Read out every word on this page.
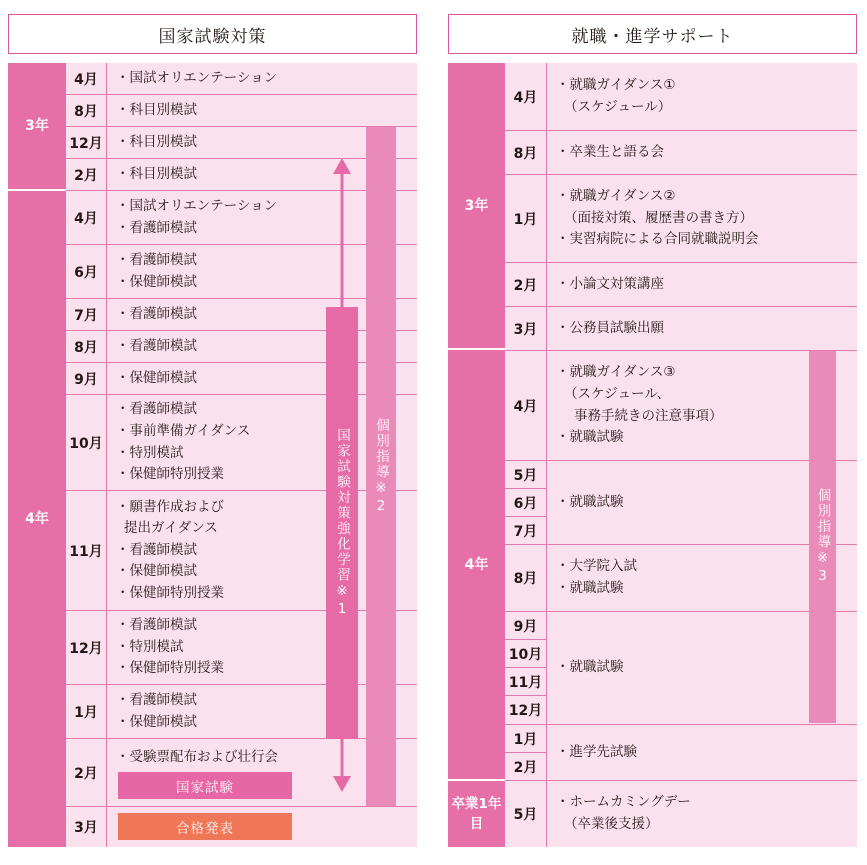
国家試験対策
3年
4年
4月
8月
12月
2月
4月
6月
7月
8月
9月
10月
11月
12月
1月
2月
3月
・国試オリエンテーション
・科目別模試
・科目別模試
・科目別模試
・国試オリエンテーション
・看護師模試
・看護師模試
・保健師模試
・看護師模試
・看護師模試
・保健師模試
・看護師模試
・事前準備ガイダンス
・特別模試
・保健師特別授業
・願書作成および
提出ガイダンス
・看護師模試
・保健師模試
・保健師特別授業
・看護師模試
・特別模試
・保健師特別授業
・看護師模試
・保健師模試
・受験票配布および壮行会
国家試験
合格発表
国家試験対策強化学習※1	個別指導※2
就職・進学サポート
3年
4年
卒業1年目
4月
8月
1月
2月
3月
4月
5月
6月
7月
8月
9月
10月
11月
12月
1月
2月
5月
・就職ガイダンス①
（スケジュール）
・卒業生と語る会
・就職ガイダンス②
（面接対策、履歴書の書き方）
・実習病院による合同就職説明会
・小論文対策講座
・公務員試験出願
・就職ガイダンス③
（スケジュール、
事務手続きの注意事項）
・就職試験
・就職試験
・大学院入試
・就職試験
・就職試験
・進学先試験
・ホームカミングデー
（卒業後支援）
個別指導※3
